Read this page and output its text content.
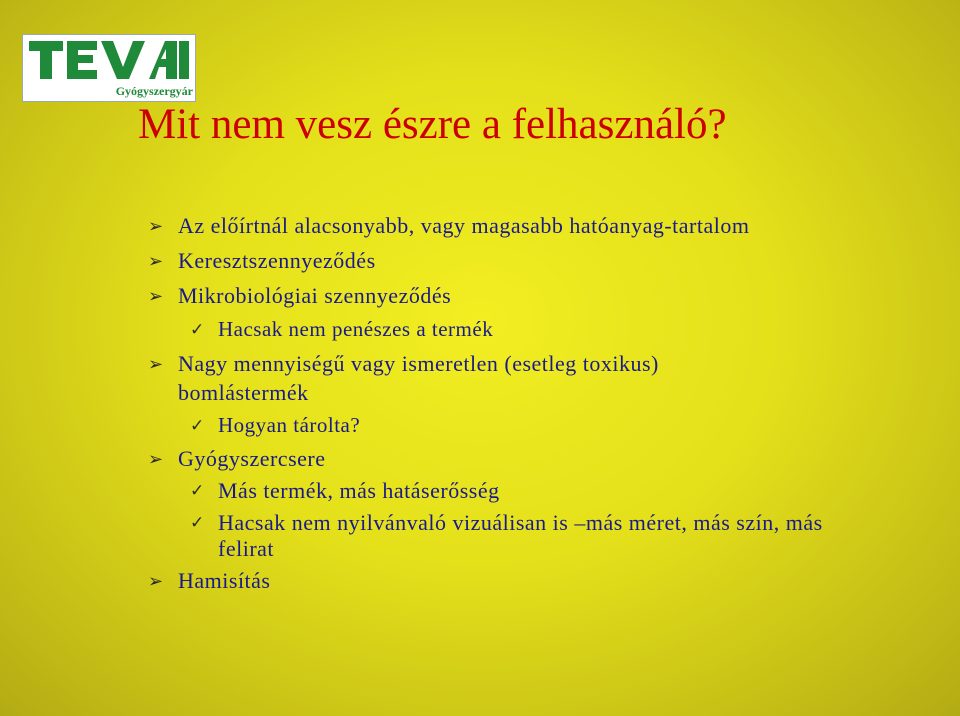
Gyógyszergyár
Mit nem vesz észre a felhasználó?
➢ Az előírtnál alacsonyabb, vagy magasabb hatóanyag-tartalom
➢ Keresztszennyeződés
➢ Mikrobiológiai szennyeződés
✓ Hacsak nem penészes a termék
➢ Nagy mennyiségű vagy ismeretlen (esetleg toxikus)
bomlástermék
✓ Hogyan tárolta?
➢ Gyógyszercsere
✓ Más termék, más hatáserősség
✓ Hacsak nem nyilvánvaló vizuálisan is –más méret, más szín, más
felirat
➢ Hamisítás
